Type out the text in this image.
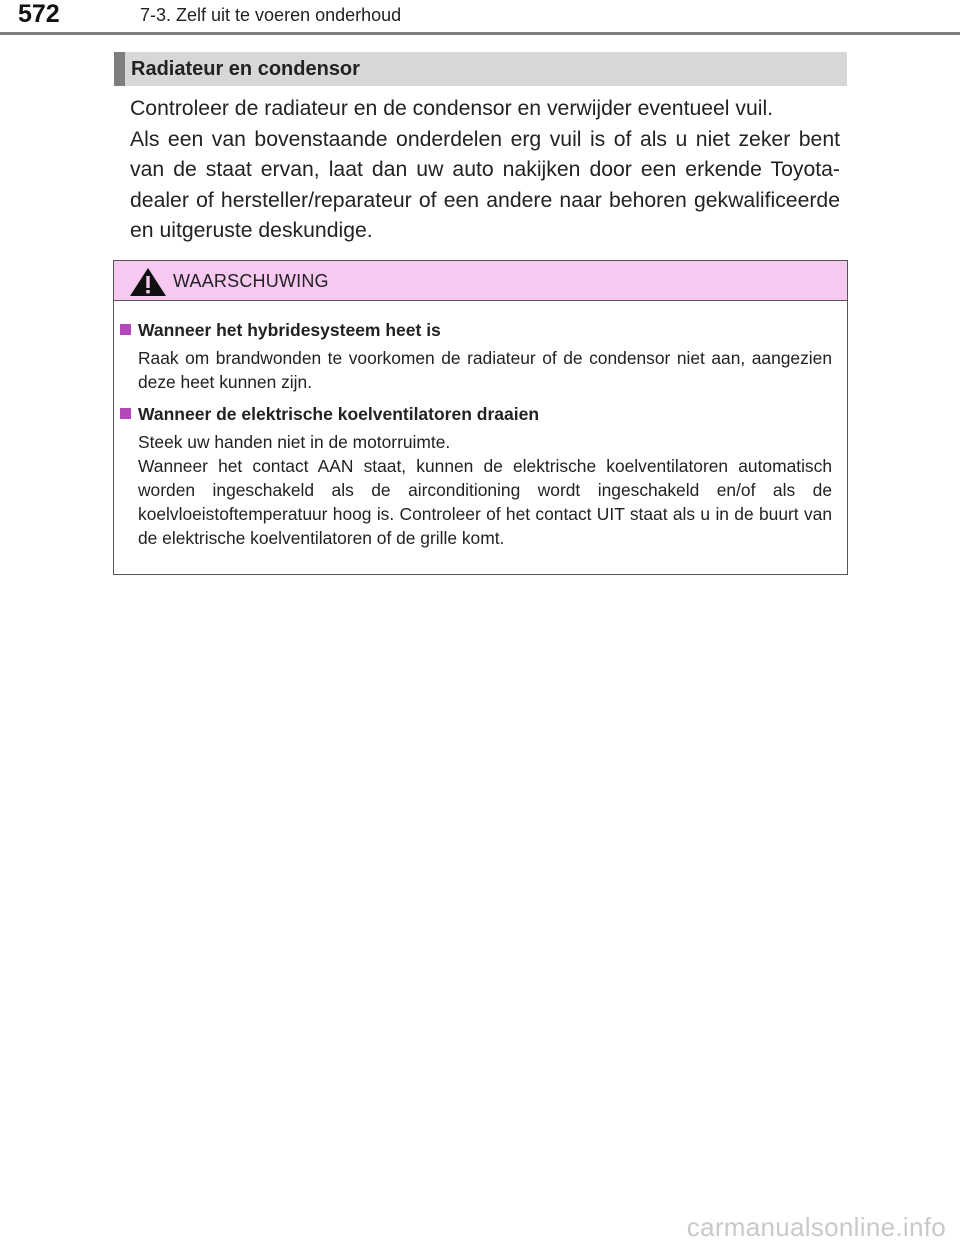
572	7-3. Zelf uit te voeren onderhoud
Radiateur en condensor
Controleer de radiateur en de condensor en verwijder eventueel vuil.
Als een van bovenstaande onderdelen erg vuil is of als u niet zeker bent van de staat ervan, laat dan uw auto nakijken door een erkende Toyota-dealer of hersteller/reparateur of een andere naar behoren gekwalificeerde en uitgeruste deskundige.
WAARSCHUWING
Wanneer het hybridesysteem heet is

Raak om brandwonden te voorkomen de radiateur of de condensor niet aan, aangezien deze heet kunnen zijn.

Wanneer de elektrische koelventilatoren draaien

Steek uw handen niet in de motorruimte.

Wanneer het contact AAN staat, kunnen de elektrische koelventilatoren automatisch worden ingeschakeld als de airconditioning wordt ingeschakeld en/of als de koelvloeistoftemperatuur hoog is. Controleer of het contact UIT staat als u in de buurt van de elektrische koelventilatoren of de grille komt.

carmanualsonline.info
